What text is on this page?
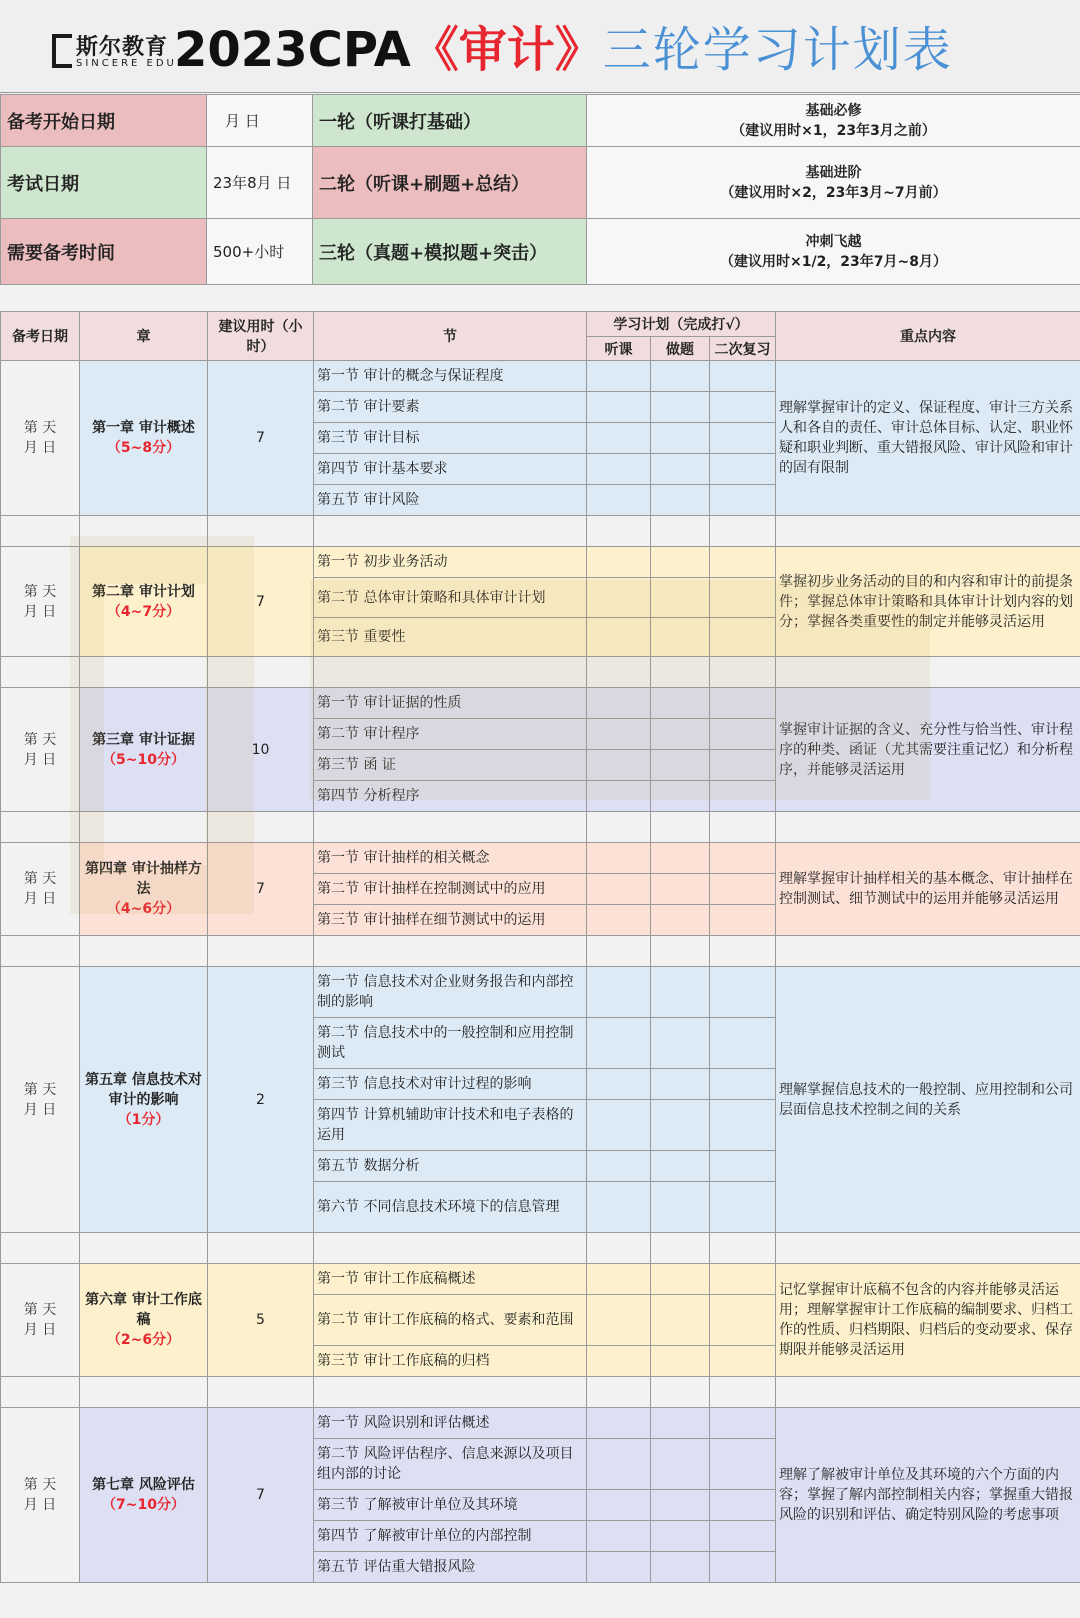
斯尔教育
SINCERE EDU
2023CPA《审计》三轮学习计划表
备考开始日期	月 日	一轮（听课打基础）	基础必修
（建议用时×1，23年3月之前）
考试日期	23年8月 日	二轮（听课+刷题+总结）	基础进阶
（建议用时×2，23年3月~7月前）
需要备考时间	500+小时	三轮（真题+模拟题+突击）	冲刺飞越
（建议用时×1/2，23年7月~8月）
备考日期	章	建议用时（小时）	节	学习计划（完成打√）			重点内容
				听课	做题	二次复习	
第 天
月 日	第一章 审计概述
（5~8分）	7	第一节 审计的概念与保证程度				理解掌握审计的定义、保证程度、审计三方关系人和各自的责任、审计总体目标、认定、职业怀疑和职业判断、重大错报风险、审计风险和审计的固有限制
			第二节 审计要素				
			第三节 审计目标				
			第四节 审计基本要求				
			第五节 审计风险				

第 天
月 日	第二章 审计计划
（4~7分）	7	第一节 初步业务活动				掌握初步业务活动的目的和内容和审计的前提条件；掌握总体审计策略和具体审计计划内容的划分；掌握各类重要性的制定并能够灵活运用
			第二节 总体审计策略和具体审计计划				
			第三节 重要性				

第 天
月 日	第三章 审计证据
（5~10分）	10	第一节 审计证据的性质				掌握审计证据的含义、充分性与恰当性、审计程序的种类、函证（尤其需要注重记忆）和分析程序，并能够灵活运用
			第二节 审计程序				
			第三节 函 证				
			第四节 分析程序				

第 天
月 日	第四章 审计抽样方法
（4~6分）	7	第一节 审计抽样的相关概念				理解掌握审计抽样相关的基本概念、审计抽样在控制测试、细节测试中的运用并能够灵活运用
			第二节 审计抽样在控制测试中的应用				
			第三节 审计抽样在细节测试中的运用				

第 天
月 日	第五章 信息技术对审计的影响
（1分）	2	第一节 信息技术对企业财务报告和内部控制的影响				理解掌握信息技术的一般控制、应用控制和公司层面信息技术控制之间的关系
			第二节 信息技术中的一般控制和应用控制测试				
			第三节 信息技术对审计过程的影响				
			第四节 计算机辅助审计技术和电子表格的运用				
			第五节 数据分析				
			第六节 不同信息技术环境下的信息管理				

第 天
月 日	第六章 审计工作底稿
（2~6分）	5	第一节 审计工作底稿概述				记忆掌握审计底稿不包含的内容并能够灵活运用；理解掌握审计工作底稿的编制要求、归档工作的性质、归档期限、归档后的变动要求、保存期限并能够灵活运用
			第二节 审计工作底稿的格式、要素和范围				
			第三节 审计工作底稿的归档				

第 天
月 日	第七章 风险评估
（7~10分）	7	第一节 风险识别和评估概述				理解了解被审计单位及其环境的六个方面的内容；掌握了解内部控制相关内容；掌握重大错报风险的识别和评估、确定特别风险的考虑事项
			第二节 风险评估程序、信息来源以及项目组内部的讨论				
			第三节 了解被审计单位及其环境				
			第四节 了解被审计单位的内部控制				
			第五节 评估重大错报风险				
